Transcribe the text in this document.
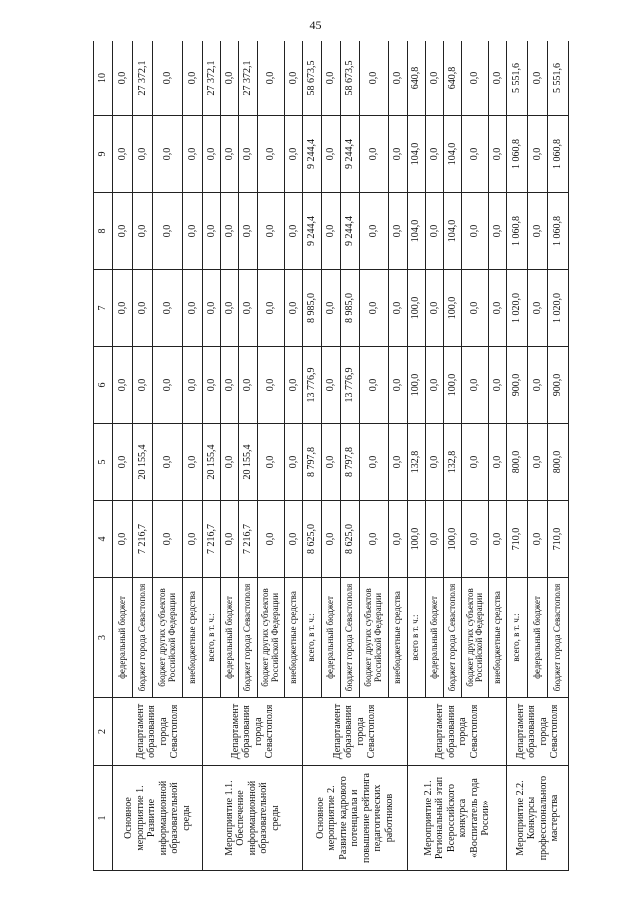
45
1	2	3	4	5	6	7	8	9	10
Основное мероприятие 1. Развитие информационной образовательной среды	Департамент образования города Севастополя	федеральный бюджет	0,0	0,0	0,0	0,0	0,0	0,0	0,0
		бюджет города Севастополя	7 216,7	20 155,4	0,0	0,0	0,0	0,0	27 372,1
		бюджет других субъектов Российской Федерации	0,0	0,0	0,0	0,0	0,0	0,0	0,0
		внебюджетные средства	0,0	0,0	0,0	0,0	0,0	0,0	0,0
Мероприятие 1.1. Обеспечение информационной образовательной среды	Департамент образования города Севастополя	всего, в т. ч.:	7 216,7	20 155,4	0,0	0,0	0,0	0,0	27 372,1
		федеральный бюджет	0,0	0,0	0,0	0,0	0,0	0,0	0,0
		бюджет города Севастополя	7 216,7	20 155,4	0,0	0,0	0,0	0,0	27 372,1
		бюджет других субъектов Российской Федерации	0,0	0,0	0,0	0,0	0,0	0,0	0,0
		внебюджетные средства	0,0	0,0	0,0	0,0	0,0	0,0	0,0
Основное мероприятие 2. Развитие кадрового потенциала и повышение рейтинга педагогических работников	Департамент образования города Севастополя	всего, в т. ч.:	8 625,0	8 797,8	13 776,9	8 985,0	9 244,4	9 244,4	58 673,5
		федеральный бюджет	0,0	0,0	0,0	0,0	0,0	0,0	0,0
		бюджет города Севастополя	8 625,0	8 797,8	13 776,9	8 985,0	9 244,4	9 244,4	58 673,5
		бюджет других субъектов Российской Федерации	0,0	0,0	0,0	0,0	0,0	0,0	0,0
		внебюджетные средства	0,0	0,0	0,0	0,0	0,0	0,0	0,0
Мероприятие 2.1. Региональный этап Всероссийского конкурса «Воспитатель года России»	Департамент образования города Севастополя	всего в т. ч.:	100,0	132,8	100,0	100,0	104,0	104,0	640,8
		федеральный бюджет	0,0	0,0	0,0	0,0	0,0	0,0	0,0
		бюджет города Севастополя	100,0	132,8	100,0	100,0	104,0	104,0	640,8
		бюджет других субъектов Российской Федерации	0,0	0,0	0,0	0,0	0,0	0,0	0,0
		внебюджетные средства	0,0	0,0	0,0	0,0	0,0	0,0	0,0
Мероприятие 2.2. Конкурсы профессионального мастерства	Департамент образования города Севастополя	всего, в т. ч.:	710,0	800,0	900,0	1 020,0	1 060,8	1 060,8	5 551,6
		федеральный бюджет	0,0	0,0	0,0	0,0	0,0	0,0	0,0
		бюджет города Севастополя	710,0	800,0	900,0	1 020,0	1 060,8	1 060,8	5 551,6
